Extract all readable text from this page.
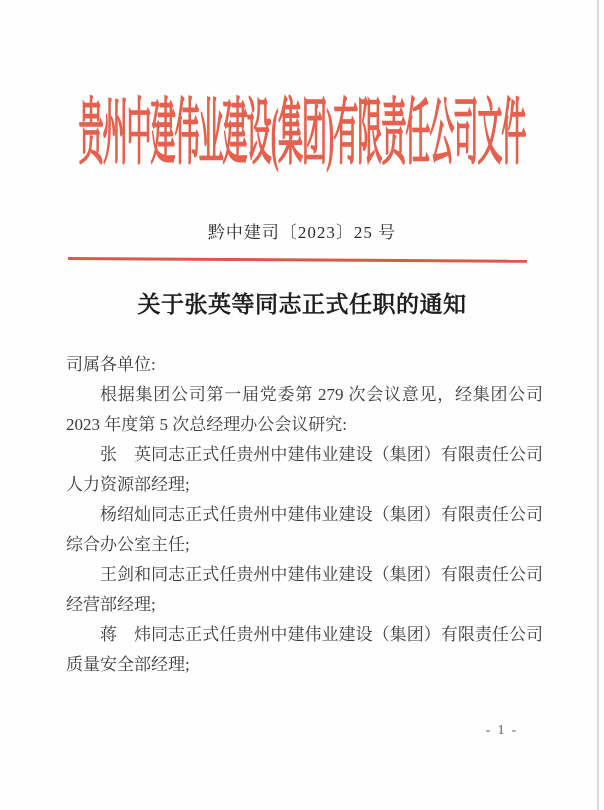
贵州中建伟业建设(集团)有限责任公司文件
黔中建司〔2023〕25 号
关于张英等同志正式任职的通知

司属各单位:

根据集团公司第一届党委第 279 次会议意见，经集团公司 2023 年度第 5 次总经理办公会议研究:

张　英同志正式任贵州中建伟业建设（集团）有限责任公司人力资源部经理;

杨绍灿同志正式任贵州中建伟业建设（集团）有限责任公司综合办公室主任;

王剑和同志正式任贵州中建伟业建设（集团）有限责任公司经营部经理;

蒋　炜同志正式任贵州中建伟业建设（集团）有限责任公司质量安全部经理;

- 1 -
